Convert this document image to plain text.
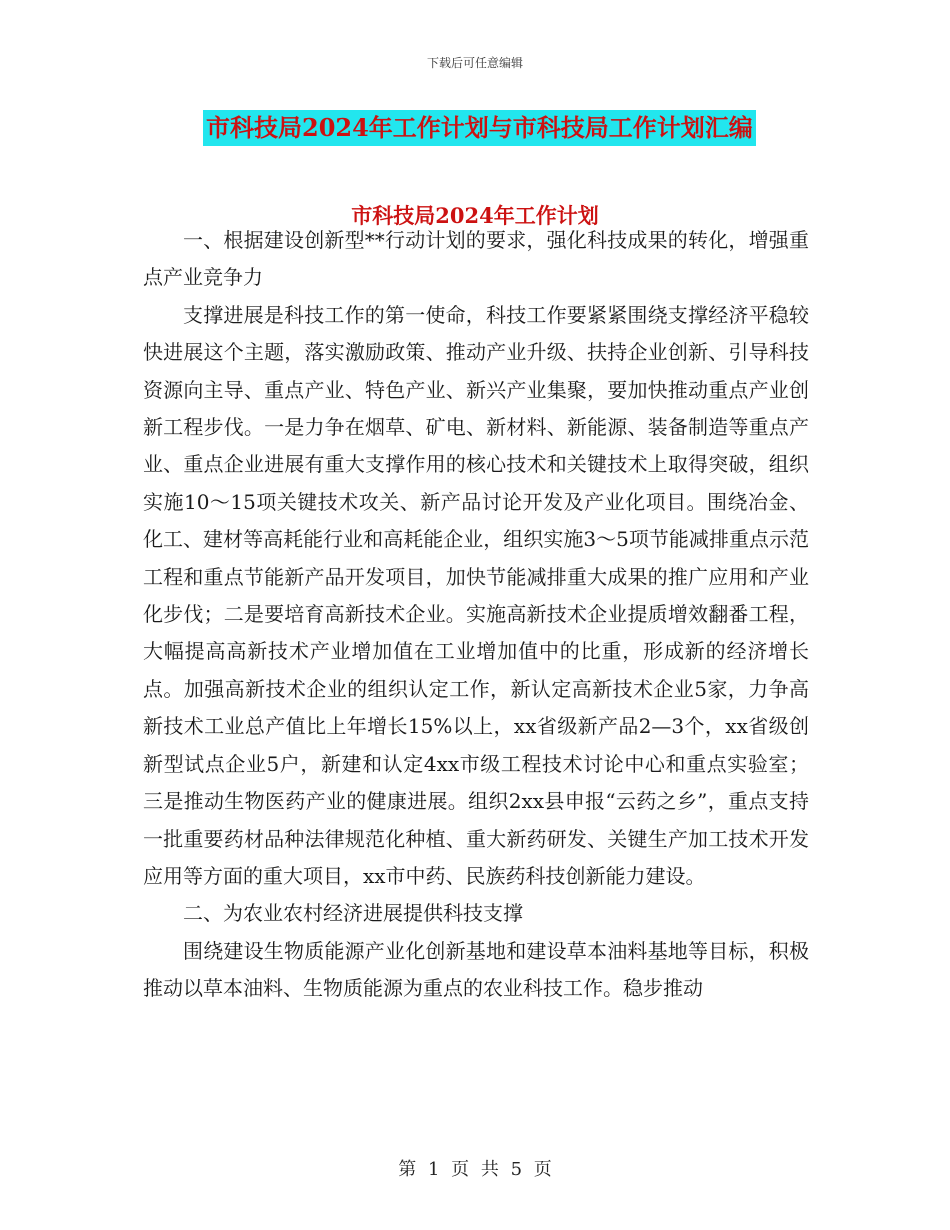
下载后可任意编辑
市科技局2024年工作计划与市科技局工作计划汇编
市科技局2024年工作计划

一、根据建设创新型**行动计划的要求，强化科技成果的转化，增强重点产业竞争力

支撑进展是科技工作的第一使命，科技工作要紧紧围绕支撑经济平稳较快进展这个主题，落实激励政策、推动产业升级、扶持企业创新、引导科技资源向主导、重点产业、特色产业、新兴产业集聚，要加快推动重点产业创新工程步伐。一是力争在烟草、矿电、新材料、新能源、装备制造等重点产业、重点企业进展有重大支撑作用的核心技术和关键技术上取得突破，组织实施10～15项关键技术攻关、新产品讨论开发及产业化项目。围绕冶金、化工、建材等高耗能行业和高耗能企业，组织实施3～5项节能减排重点示范工程和重点节能新产品开发项目，加快节能减排重大成果的推广应用和产业化步伐；二是要培育高新技术企业。实施高新技术企业提质增效翻番工程，大幅提高高新技术产业增加值在工业增加值中的比重，形成新的经济增长点。加强高新技术企业的组织认定工作，新认定高新技术企业5家，力争高新技术工业总产值比上年增长15%以上，xx省级新产品2—3个，xx省级创新型试点企业5户，新建和认定4xx市级工程技术讨论中心和重点实验室；三是推动生物医药产业的健康进展。组织2xx县申报“云药之乡”，重点支持一批重要药材品种法律规范化种植、重大新药研发、关键生产加工技术开发应用等方面的重大项目，xx市中药、民族药科技创新能力建设。

二、为农业农村经济进展提供科技支撑

围绕建设生物质能源产业化创新基地和建设草本油料基地等目标，积极推动以草本油料、生物质能源为重点的农业科技工作。稳步推动

第 1 页 共 5 页
